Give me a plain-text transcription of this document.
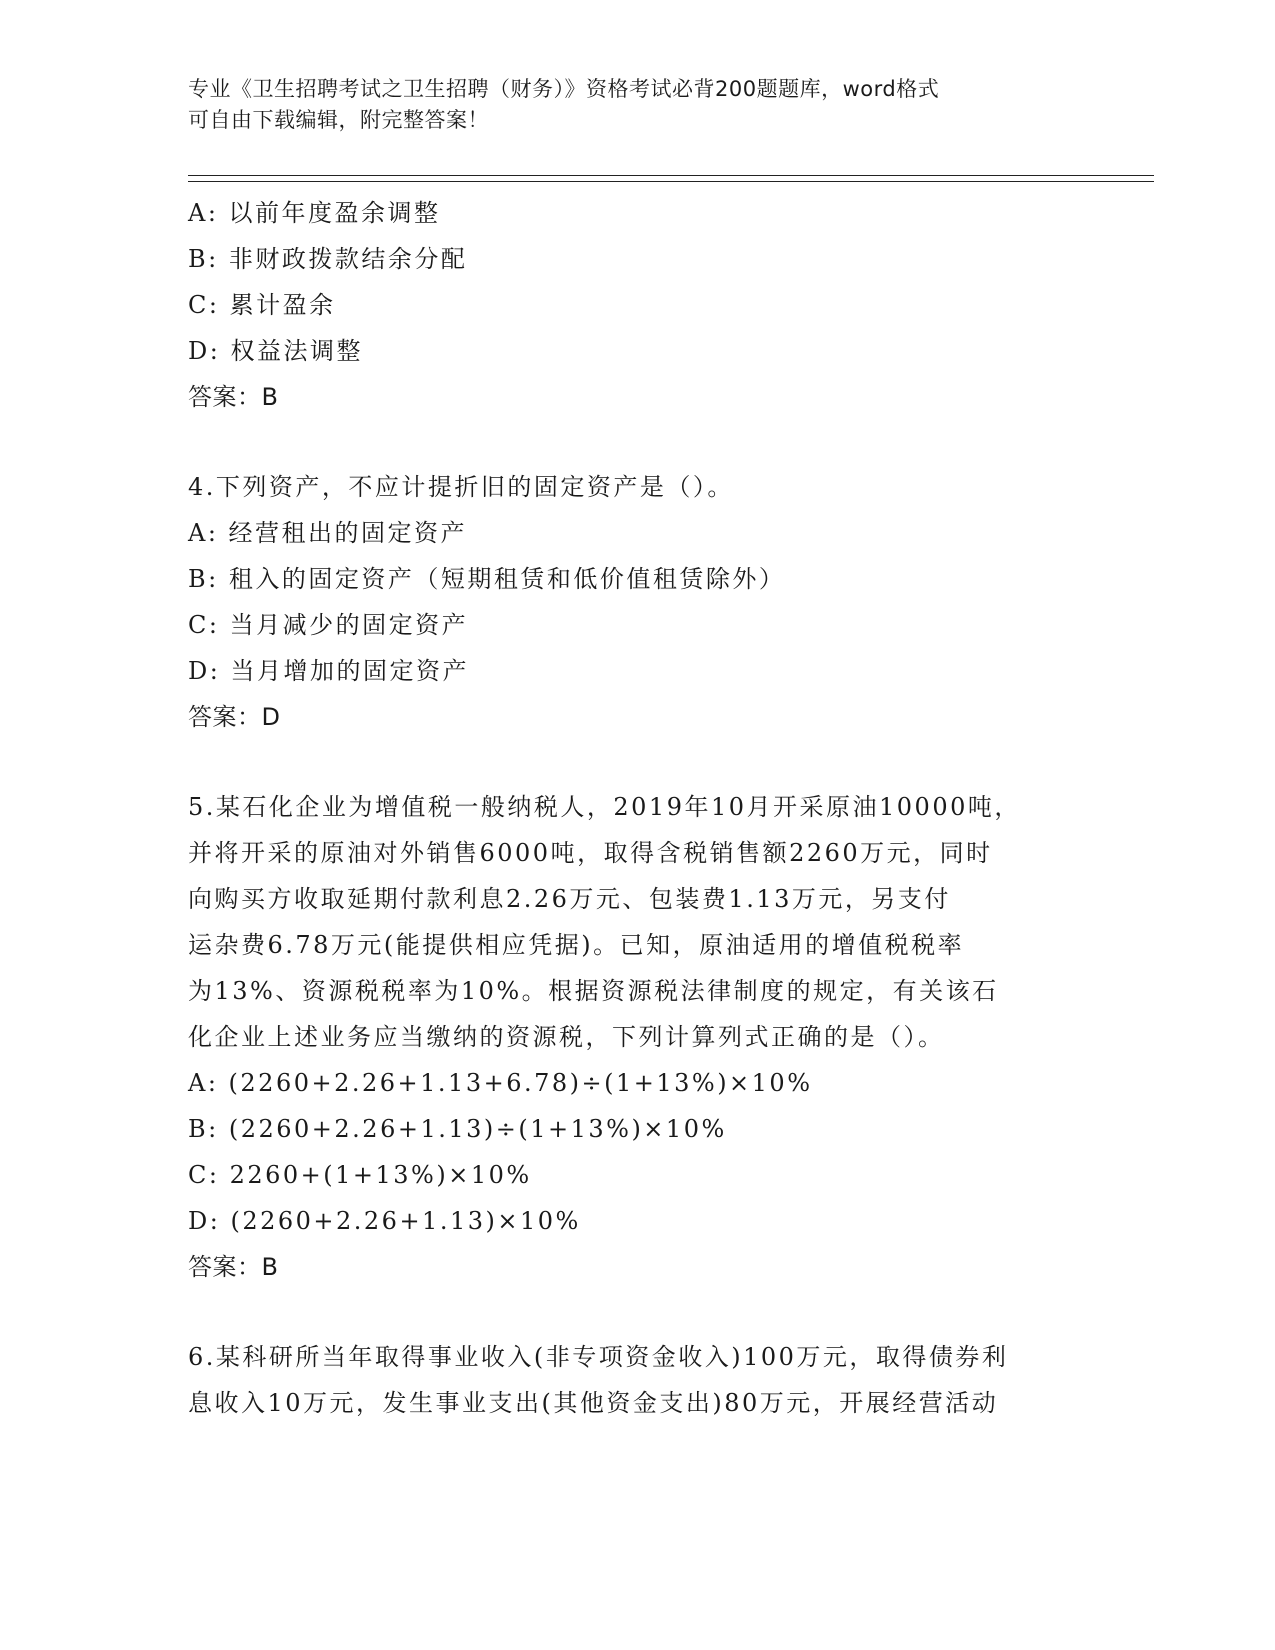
专业《卫生招聘考试之卫生招聘（财务）》资格考试必背200题题库，word格式
可自由下载编辑，附完整答案！
A: 以前年度盈余调整
B: 非财政拨款结余分配
C: 累计盈余
D: 权益法调整
答案：B
4.下列资产，不应计提折旧的固定资产是（）。
A: 经营租出的固定资产
B: 租入的固定资产（短期租赁和低价值租赁除外）
C: 当月减少的固定资产
D: 当月增加的固定资产
答案：D
5.某石化企业为增值税一般纳税人，2019年10月开采原油10000吨，
并将开采的原油对外销售6000吨，取得含税销售额2260万元，同时
向购买方收取延期付款利息2.26万元、包装费1.13万元，另支付
运杂费6.78万元(能提供相应凭据)。已知，原油适用的增值税税率
为13%、资源税税率为10%。根据资源税法律制度的规定，有关该石
化企业上述业务应当缴纳的资源税，下列计算列式正确的是（）。
A: (2260+2.26+1.13+6.78)÷(1+13%)×10%
B: (2260+2.26+1.13)÷(1+13%)×10%
C: 2260+(1+13%)×10%
D: (2260+2.26+1.13)×10%
答案：B
6.某科研所当年取得事业收入(非专项资金收入)100万元，取得债券利
息收入10万元，发生事业支出(其他资金支出)80万元，开展经营活动
